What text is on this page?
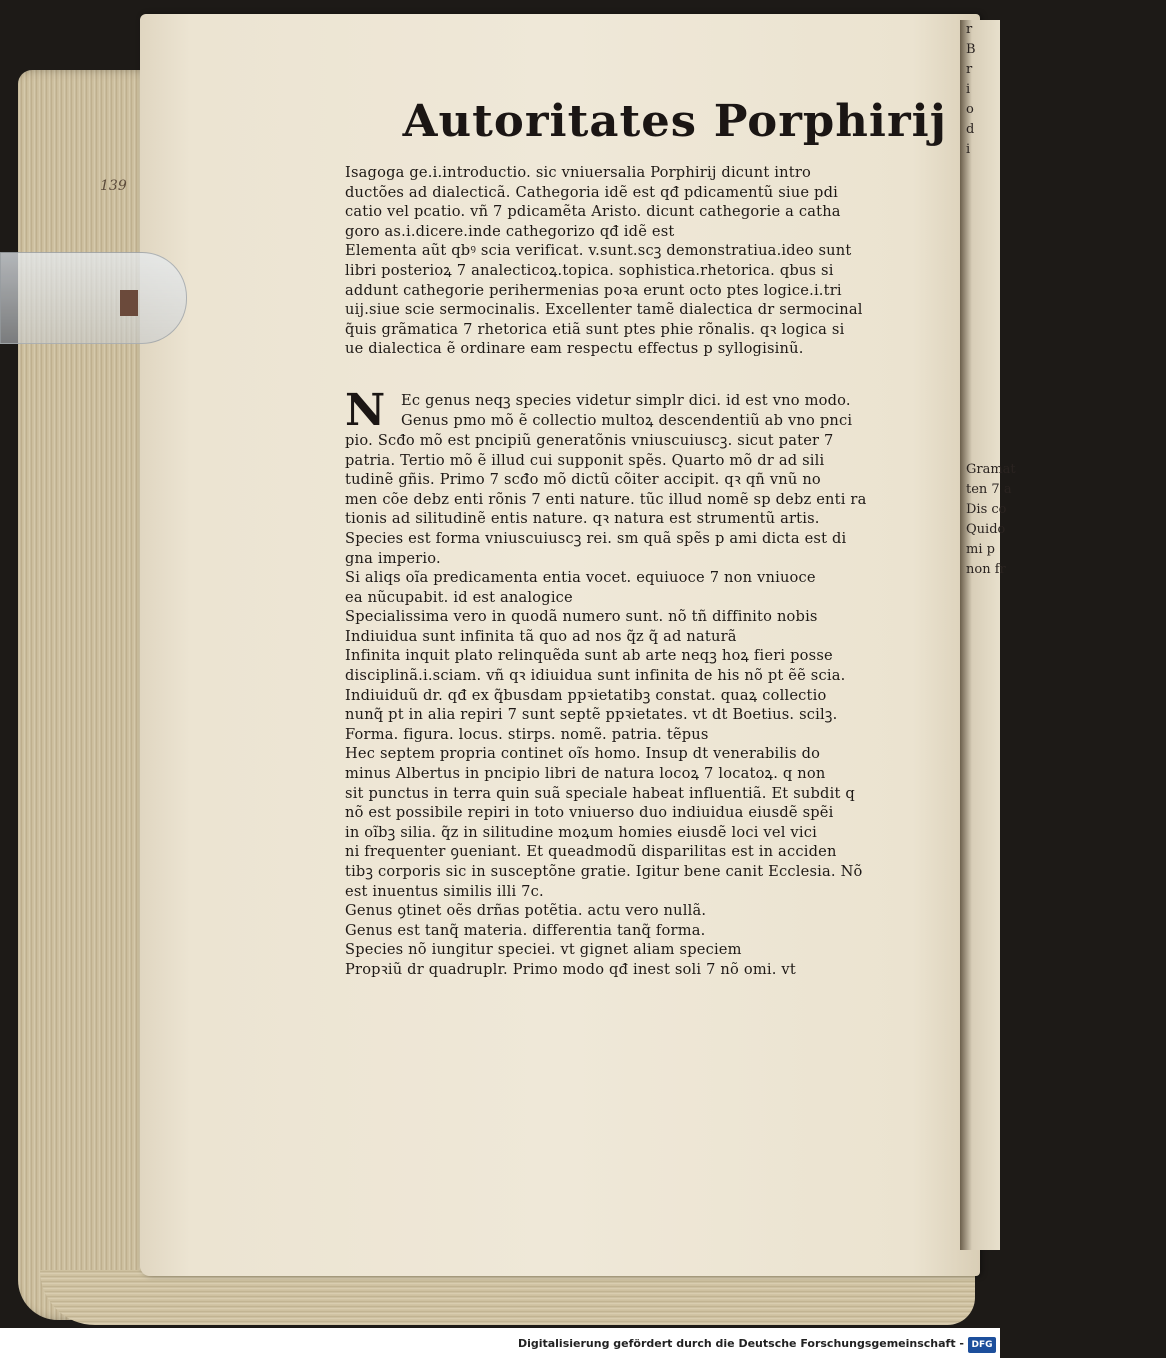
r
B
r
i
o
d
i
Gramat
ten 7 a
Dis co
Quido
mi p
non fr
139
Autoritates Porphirij
Isagoga ge.i.introductio. sic vniuersalia Porphirij dicunt intro
ductões ad dialecticã. Cathegoria idẽ est qđ pdicamentũ siue pdi
catio vel pcatio. vñ 7 pdicamẽta Aristo. dicunt cathegorie a catha
goro as.i.dicere.inde cathegorizo qđ idẽ est
Elementa aũt qbꝰ scia verificat. v.sunt.scꝫ demonstratiua.ideo sunt
libri posterioꝝ 7 analecticoꝝ.topica. sophistica.rhetorica. qbus si
addunt cathegorie perihermenias poꝛa erunt octo ptes logice.i.tri
uij.siue scie sermocinalis. Excellenter tamẽ dialectica dr sermocinal
q̃uis grãmatica 7 rhetorica etiã sunt ptes phie rõnalis. qꝛ logica si
ue dialectica ẽ ordinare eam respectu effectus p syllogisinũ.
N	Ec genus neqꝫ species videtur simplr dici. id est vno modo.
Genus pmo mõ ẽ collectio multoꝝ descendentiũ ab vno pnci
pio. Scđo mõ est pncipiũ generatõnis vniuscuiuscꝫ. sicut pater 7
patria. Tertio mõ ẽ illud cui supponit spẽs. Quarto mõ dr ad sili
tudinẽ gñis. Primo 7 scđo mõ dictũ cõiter accipit. qꝛ qñ vnũ no
men cõe debz enti rõnis 7 enti nature. tũc illud nomẽ sp debz enti ra
tionis ad silitudinẽ entis nature. qꝛ natura est strumentũ artis.
Species est forma vniuscuiuscꝫ rei. sm quã spẽs p ami dicta est di
gna imperio.
Si aliqs oĩa predicamenta entia vocet. equiuoce 7 non vniuoce
ea nũcupabit. id est analogice
Specialissima vero in quodã numero sunt. nõ tñ diffinito nobis
Indiuidua sunt infinita tã quo ad nos q̃z q̃ ad naturã
Infinita inquit plato relinquẽda sunt ab arte neqꝫ hoꝝ fieri posse
disciplinã.i.sciam. vñ qꝛ idiuidua sunt infinita de his nõ pt ẽẽ scia.
Indiuiduũ dr. qđ ex q̃busdam ppꝛietatibꝫ constat. quaꝝ collectio
nunq̃ pt in alia repiri 7 sunt septẽ ppꝛietates. vt dt Boetius. scilꝫ.
Forma. figura. locus. stirps. nomẽ. patria. tẽpus
Hec septem propria continet oĩs homo. Insup dt venerabilis do
minus Albertus in pncipio libri de natura locoꝝ 7 locatoꝝ. q non
sit punctus in terra quin suã speciale habeat influentiã. Et subdit q
nõ est possibile repiri in toto vniuerso duo indiuidua eiusdẽ spẽi
in oĩbꝫ silia. q̃z in silitudine moꝝum homies eiusdẽ loci vel vici
ni frequenter ꝯueniant. Et queadmodũ disparilitas est in acciden
tibꝫ corporis sic in susceptõne gratie. Igitur bene canit Ecclesia. Nõ
est inuentus similis illi 7c.
Genus ꝯtinet oẽs drñas potẽtia. actu vero nullã.
Genus est tanq̃ materia. differentia tanq̃ forma.
Species nõ iungitur speciei. vt gignet aliam speciem
Propꝛiũ dr quadruplr. Primo modo qđ inest soli 7 nõ omi. vt
Digitalisierung gefördert durch die Deutsche Forschungsgemeinschaft - DFG
